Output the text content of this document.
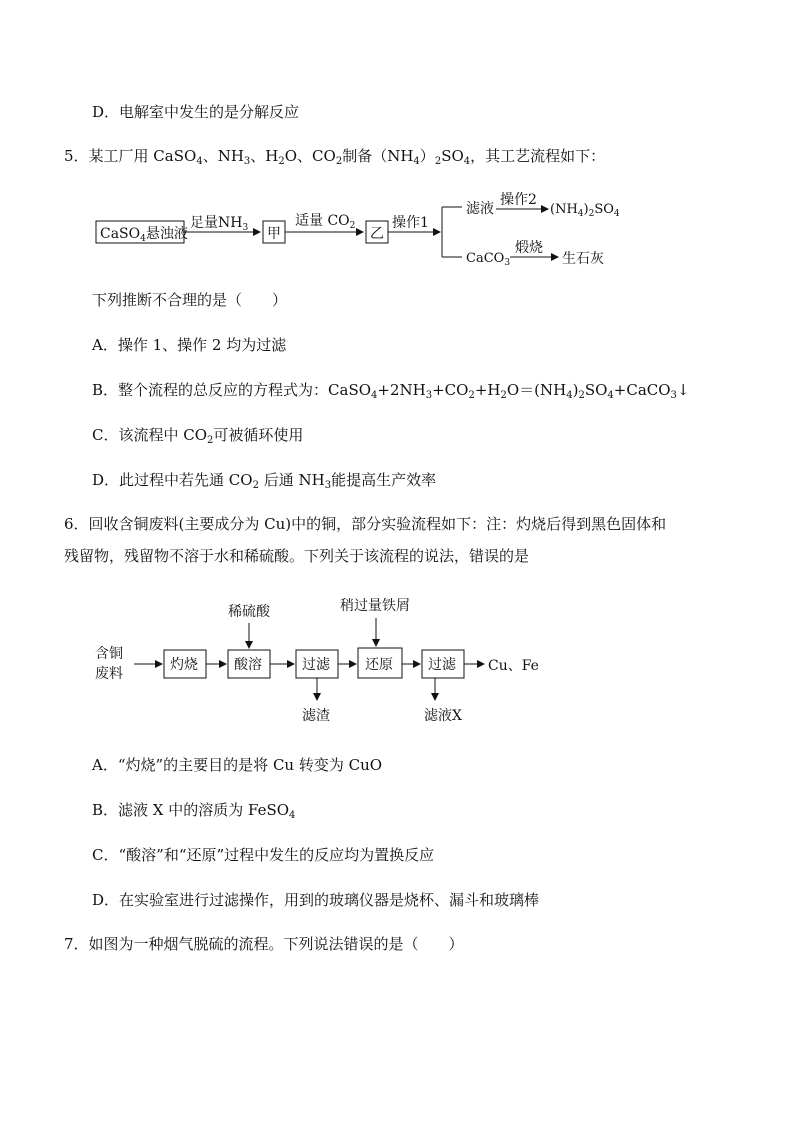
D．电解室中发生的是分解反应
5．某工厂用 CaSO$_4$、$NH_3$、$H_2O$、$CO_2$制备$(NH_4)_2SO_4$，其工艺流程如下：
CaSO$_4$悬浊液
足量$NH_3$ 甲
适量 $CO_2$ 乙
操作1
滤液
操作2
$(NH_4)_2SO_4$
CaCO$_3$
煅烧
生石灰
下列推断不合理的是（　　）
A．操作 1、操作 2 均为过滤
B．整个流程的总反应的方程式为：$CaSO_4+2NH_3+CO_2+H_2O=(NH_4)_2SO_4+CaCO_3↓$
C．该流程中 $CO_2$可被循环使用
D．此过程中若先通 $CO_2$ 后通 $NH_3$能提高生产效率
6．回收含铜废料(主要成分为 Cu)中的铜，部分实验流程如下：注：灼烧后得到黑色固体和
残留物，残留物不溶于水和稀硫酸。下列关于该流程的说法，错误的是
含铜
废料
灼烧	酸溶
稀硫酸
过滤
滤渣
还原
稍过量铁屑
过滤
滤液X
Cu、Fe
A．“灼烧”的主要目的是将 Cu 转变为 CuO
B．滤液 X 中的溶质为 FeSO$_4$
C．“酸溶”和“还原”过程中发生的反应均为置换反应
D．在实验室进行过滤操作，用到的玻璃仪器是烧杯、漏斗和玻璃棒
7．如图为一种烟气脱硫的流程。下列说法错误的是（　　）
